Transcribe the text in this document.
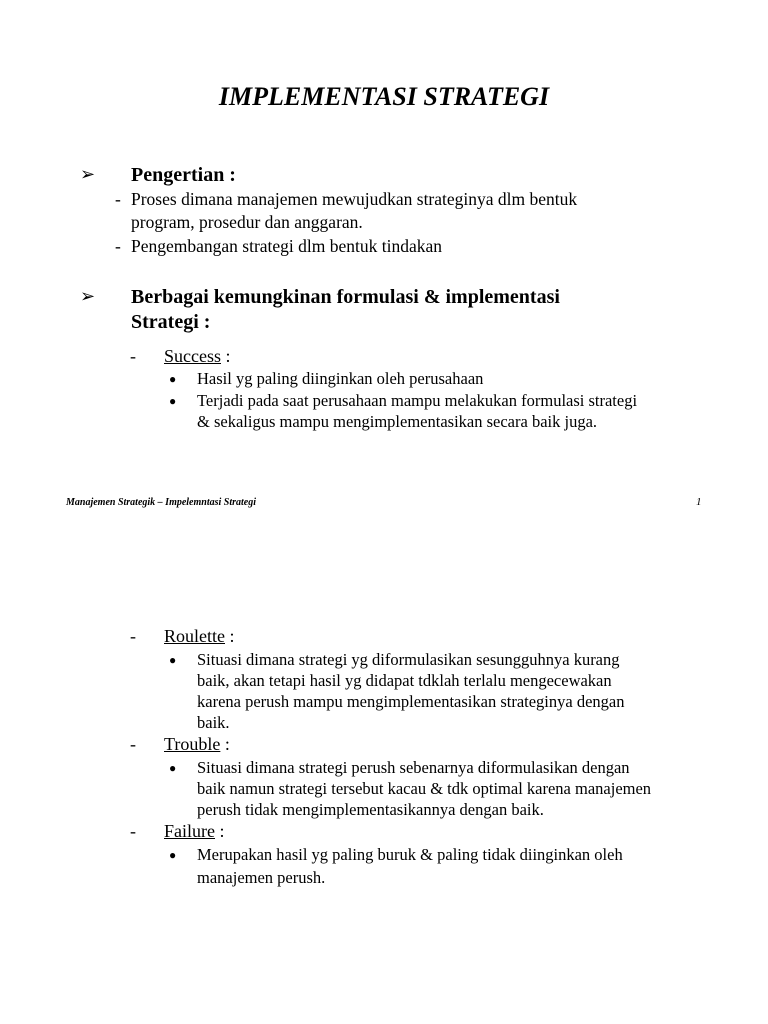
IMPLEMENTASI STRATEGI
➢ Pengertian :
- Proses dimana manajemen mewujudkan strateginya dlm bentuk
program, prosedur dan anggaran.
- Pengembangan strategi dlm bentuk tindakan
➢ Berbagai kemungkinan formulasi & implementasi
Strategi :
- Success :
● Hasil yg paling diinginkan oleh perusahaan
● Terjadi pada saat perusahaan mampu melakukan formulasi strategi
& sekaligus mampu mengimplementasikan secara baik juga.
Manajemen Strategik – Impelemntasi Strategi	1
- Roulette :
● Situasi dimana strategi yg diformulasikan sesungguhnya kurang
baik, akan tetapi hasil yg didapat tdklah terlalu mengecewakan
karena perush mampu mengimplementasikan strateginya dengan
baik.
- Trouble :
● Situasi dimana strategi perush sebenarnya diformulasikan dengan
baik namun strategi tersebut kacau & tdk optimal karena manajemen
perush tidak mengimplementasikannya dengan baik.
- Failure :
● Merupakan hasil yg paling buruk & paling tidak diinginkan oleh
manajemen perush.
